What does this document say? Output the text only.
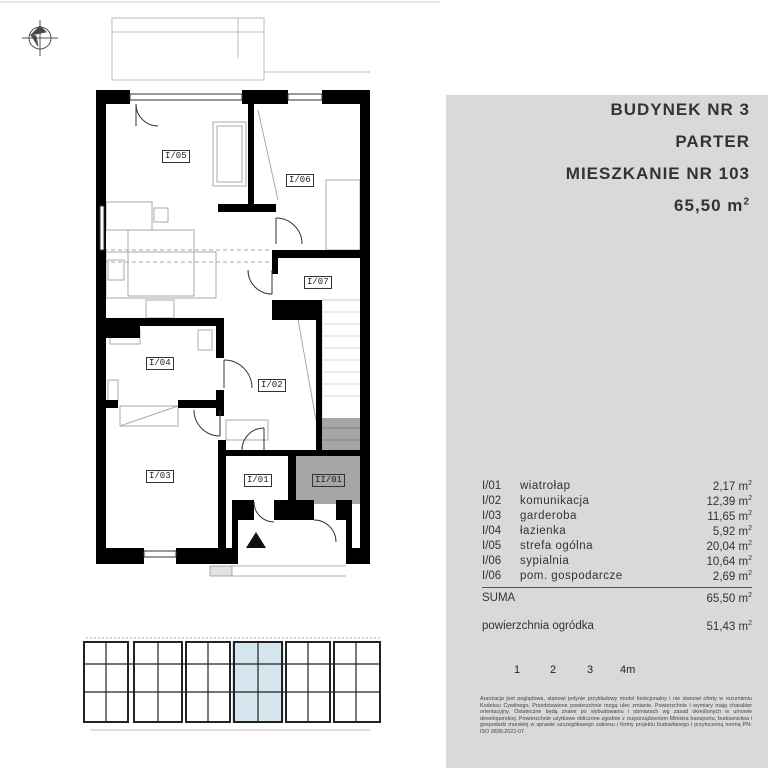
BUDYNEK NR 3
PARTER
MIESZKANIE NR 103
65,50 $m^2$
I/01 wiatrołap	2,17 $m^2$
I/02 komunikacja	12,39 $m^2$
I/03 garderoba	11,65 $m^2$
I/04 łazienka	5,92 $m^2$
I/05 strefa ogólna	20,04 $m^2$
I/06 sypialnia	10,64 $m^2$
I/06 pom. gospodarcze	2,69 $m^2$
SUMA	65,50 $m^2$
powierzchnia ogródka	51,43 $m^2$
1	2	3 4m
Aranżacja jest poglądowa, stanowi jedynie przykładowy model funkcjonalny i nie stanowi oferty w rozumieniu Kodeksu Cywilnego. Przedstawione powierzchnie mogą ulec zmianie. Powierzchnie i wymiary mają charakter orientacyjny. Ostateczne będą znane po wybudowaniu i obmiarach wg zasad określonych w umowie deweloperskiej. Powierzchnie użytkowe obliczone zgodnie z rozporządzeniem Ministra transportu, budownictwa i gospodarki morskiej w sprawie szczegółowego zakresu i formy projektu budowlanego i przytoczoną normą PN-ISO 9836:2022-07.
I/05
I/06
I/07
I/04
I/02
I/03	I/01	II/01
